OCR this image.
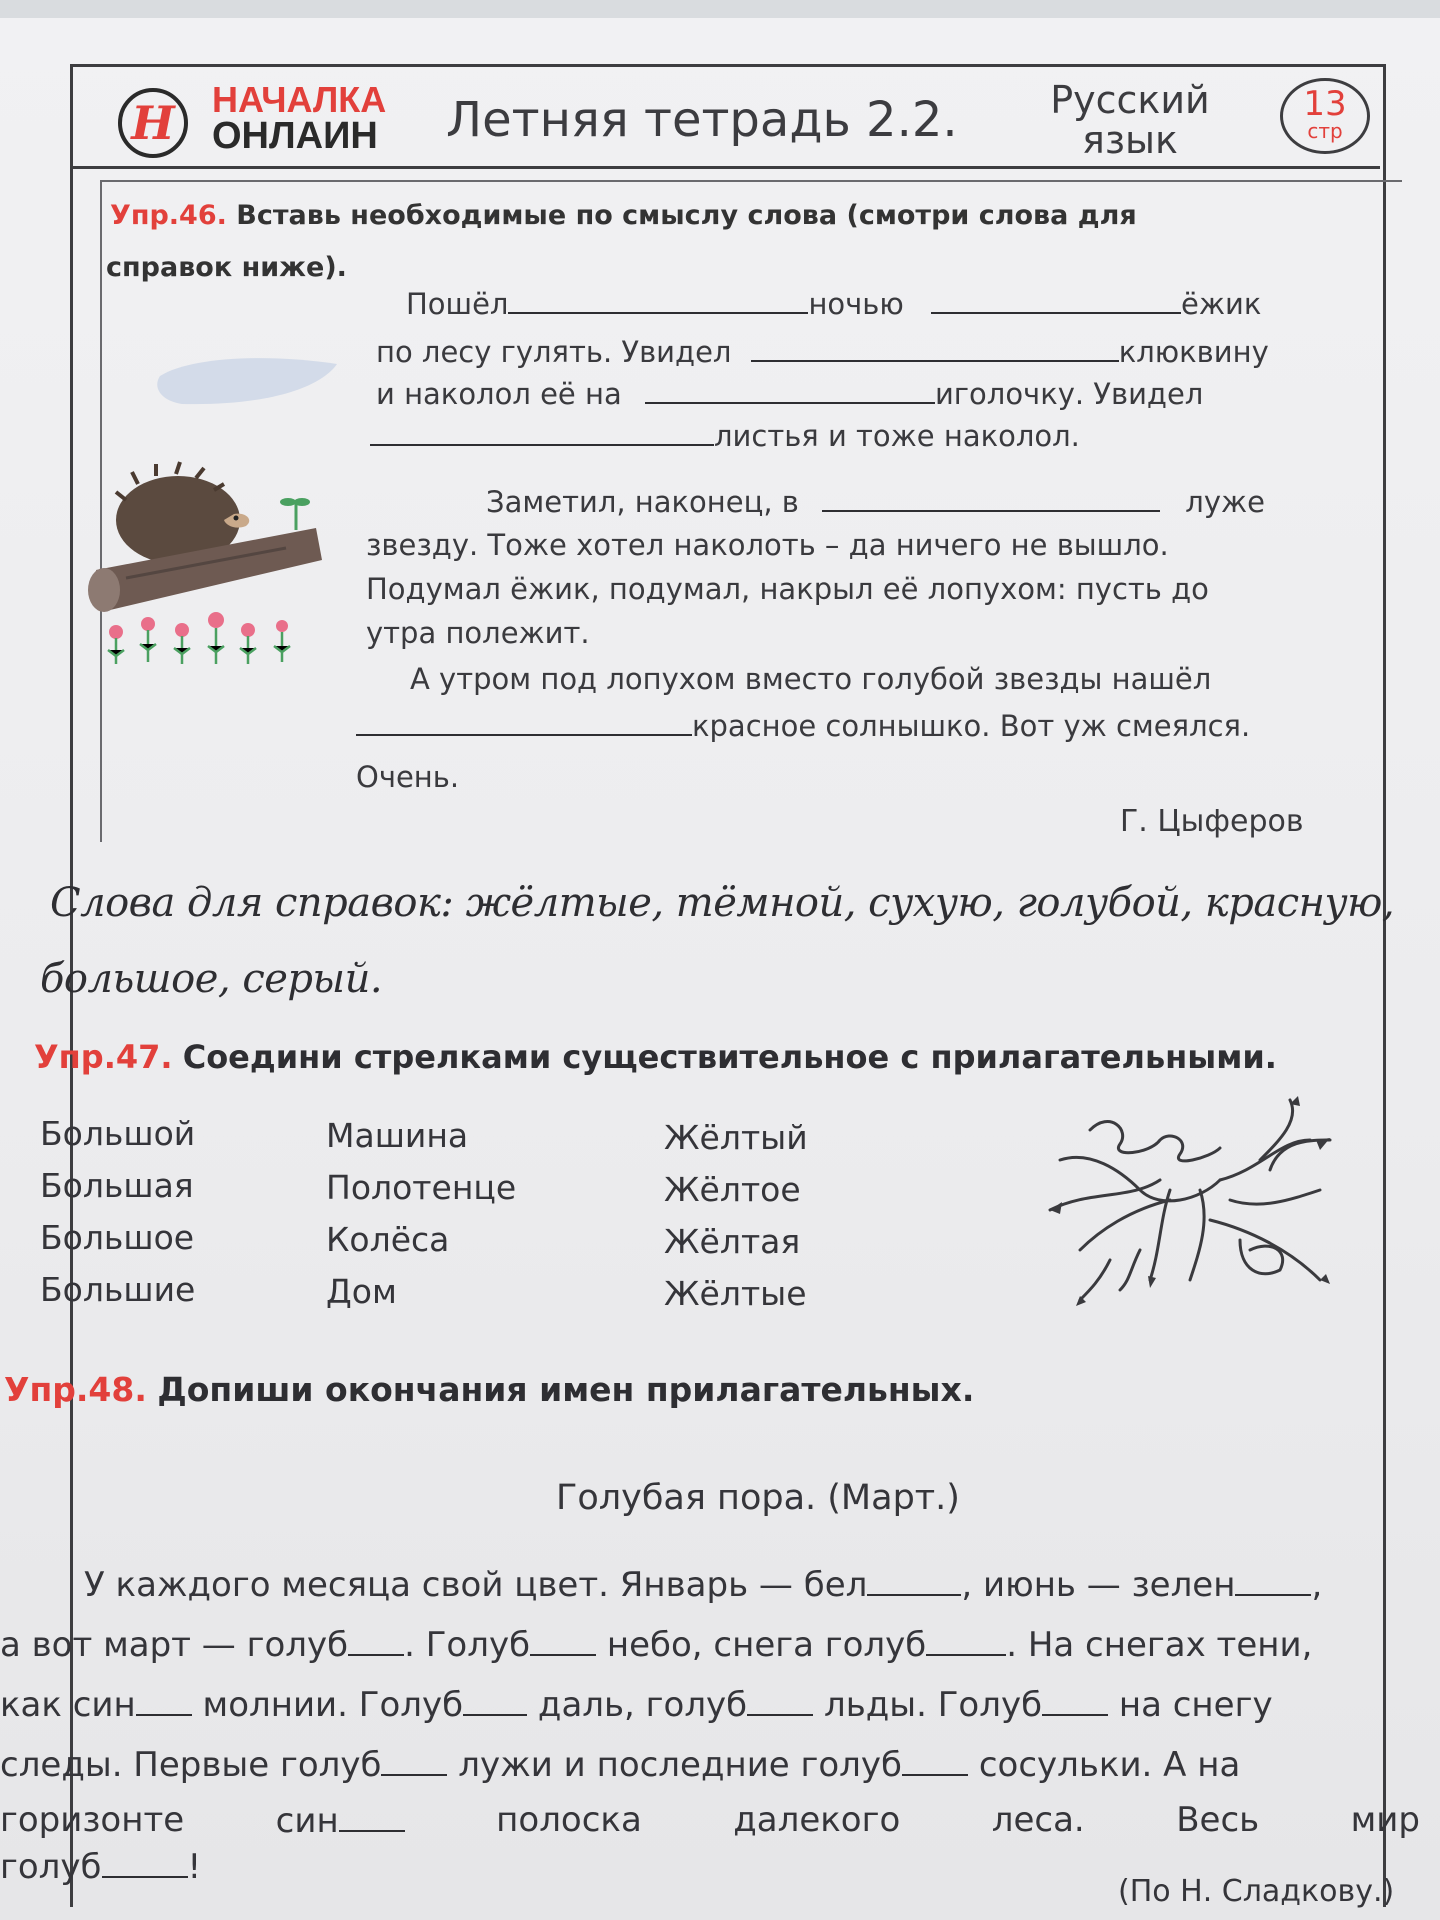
Н НАЧАЛКА
ОНЛАИН Летняя тетрадь 2.2.	Русский
язык
13
стр
Упр.46. Вставь необходимые по смыслу слова (смотри слова для
справок ниже).
Пошёл	ночью	ёжик
по лесу гулять. Увидел	клюквину
и наколол её на	иголочку. Увидел
листья и тоже наколол.
Заметил, наконец, в	луже
звезду. Тоже хотел наколоть – да ничего не вышло.
Подумал ёжик, подумал, накрыл её лопухом: пусть до
утра полежит.
А утром под лопухом вместо голубой звезды нашёл
красное солнышко. Вот уж смеялся.
Очень.
Г. Цыферов
Слова для справок: жёлтые, тёмной, сухую, голубой, красную,
большое, серый.
Упр.47. Соедини стрелками существительное с прилагательными.
Большой
Большая
Большое
Большие
Машина
Полотенце
Колёса
Дом
Жёлтый
Жёлтое
Жёлтая
Жёлтые
Упр.48. Допиши окончания имен прилагательных.
Голубая пора. (Март.)
У каждого месяца свой цвет. Январь — бел	, июнь — зелен ,
а вот март — голуб . Голуб небо, снега голуб . На снегах тени,
как син молнии. Голуб даль, голуб льды. Голуб на снегу
следы. Первые голуб лужи и последние голуб сосульки. А на
горизонте	син	полоска	далекого	леса.	Весь	мир
голуб	!
(По Н. Сладкову.)
